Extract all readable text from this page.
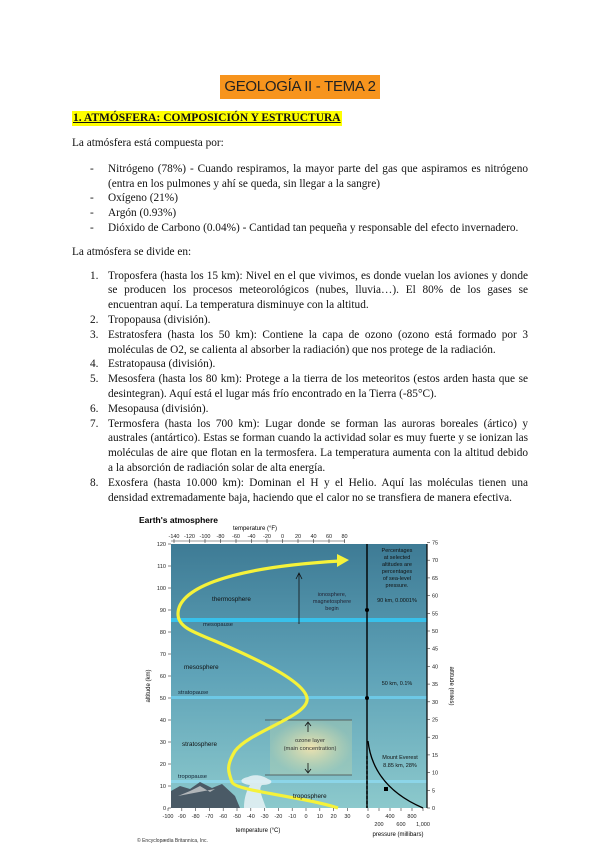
GEOLOGÍA II - TEMA 2
1. ATMÓSFERA: COMPOSICIÓN Y ESTRUCTURA
La atmósfera está compuesta por:
- Nitrógeno (78%) - Cuando respiramos, la mayor parte del gas que aspiramos es nitrógeno (entra en los pulmones y ahí se queda, sin llegar a la sangre)
- Oxígeno (21%)
- Argón (0.93%)
- Dióxido de Carbono (0.04%) - Cantidad tan pequeña y responsable del efecto invernadero.
La atmósfera se divide en:
1. Troposfera (hasta los 15 km): Nivel en el que vivimos, es donde vuelan los aviones y donde se producen los procesos meteorológicos (nubes, lluvia…). El 80% de los gases se encuentran aquí. La temperatura disminuye con la altitud.
2. Tropopausa (división).
3. Estratosfera (hasta los 50 km): Contiene la capa de ozono (ozono está formado por 3 moléculas de O2, se calienta al absorber la radiación) que nos protege de la radiación.
4. Estratopausa (división).
5. Mesosfera (hasta los 80 km): Protege a la tierra de los meteoritos (estos arden hasta que se desintegran). Aquí está el lugar más frío encontrado en la Tierra (-85°C).
6. Mesopausa (división).
7. Termosfera (hasta los 700 km): Lugar donde se forman las auroras boreales (ártico) y australes (antártico). Estas se forman cuando la actividad solar es muy fuerte y se ionizan las moléculas de aire que flotan en la termosfera. La temperatura aumenta con la altitud debido a la absorción de radiación solar de alta energía.
8. Exosfera (hasta 10.000 km): Dominan el H y el Helio. Aquí las moléculas tienen una densidad extremadamente baja, haciendo que el calor no se transfiera de manera efectiva.
Earth's atmosphere
temperature (°F)
ozone layer
(main concentration)
ionosphere,
magnetosphere
begin
thermosphere
mesopause
mesosphere
stratopause
stratosphere
tropopause
troposphere
Percentages
at selected
altitudes are
percentages
of sea-level
pressure.
90 km, 0.0001%
50 km, 0.1%
Mount Everest
8.85 km, 28%
-140 -120 -100 -80 -60 -40 -20 0 20 40 60 80
-100 -90 -80 -70 -60 -50 -40 -30 -20 -10 0 10 20 30
0
10
20
30
40
50
60
70
80
90
100
110
120
0
5
10
15
20
25
30
35
40
45
50
55
60
65
70
75
0
200
400
600
800
1,000
altitude (km)	altitude (miles)
temperature (°C)
pressure (millibars)
© Encyclopædia Britannica, Inc.
